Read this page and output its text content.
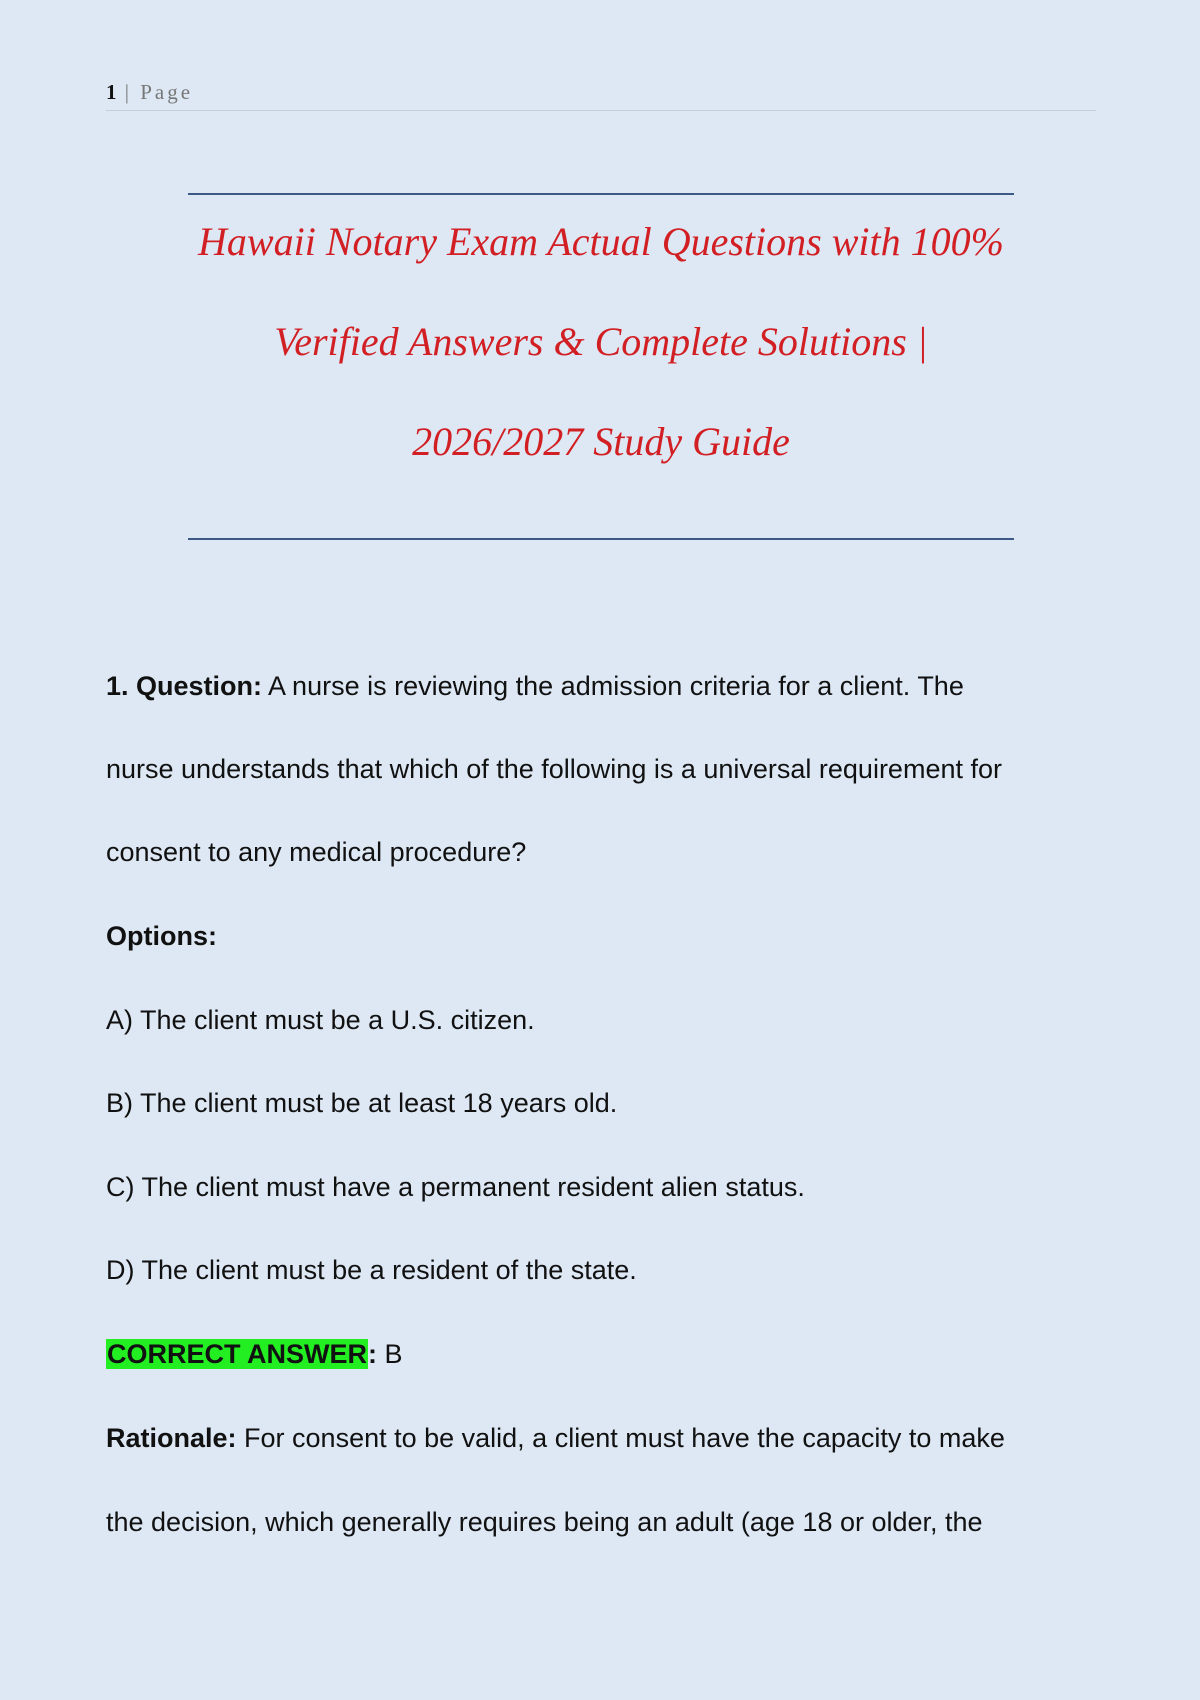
1 | Page
Hawaii Notary Exam Actual Questions with 100%
Verified Answers & Complete Solutions |
2026/2027 Study Guide
1. Question: A nurse is reviewing the admission criteria for a client. The
nurse understands that which of the following is a universal requirement for
consent to any medical procedure?
Options:
A) The client must be a U.S. citizen.
B) The client must be at least 18 years old.
C) The client must have a permanent resident alien status.
D) The client must be a resident of the state.
CORRECT ANSWER: B
Rationale: For consent to be valid, a client must have the capacity to make
the decision, which generally requires being an adult (age 18 or older, the
